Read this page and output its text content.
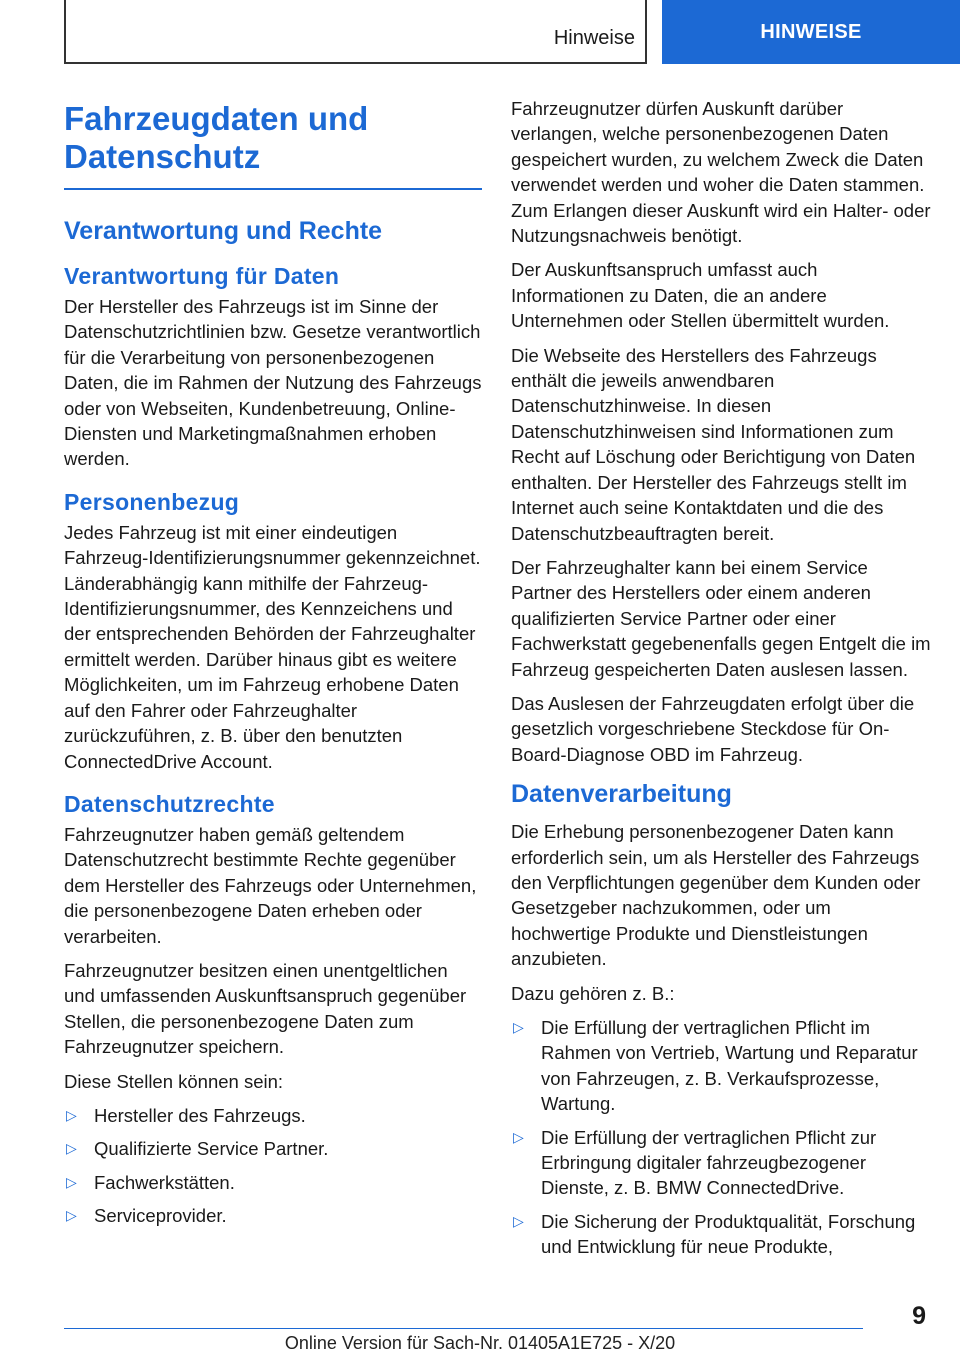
Hinweise	HINWEISE
Fahrzeugdaten und Datenschutz
Verantwortung und Rechte
Verantwortung für Daten

Der Hersteller des Fahrzeugs ist im Sinne der Datenschutzrichtlinien bzw. Gesetze verantwortlich für die Verarbeitung von personenbezogenen Daten, die im Rahmen der Nutzung des Fahrzeugs oder von Webseiten, Kundenbetreuung, Online-Diensten und Marketingmaßnahmen erhoben werden.

Personenbezug

Jedes Fahrzeug ist mit einer eindeutigen Fahrzeug-Identifizierungsnummer gekennzeichnet. Länderabhängig kann mithilfe der Fahrzeug-Identifizierungsnummer, des Kennzeichens und der entsprechenden Behörden der Fahrzeughalter ermittelt werden. Darüber hinaus gibt es weitere Möglichkeiten, um im Fahrzeug erhobene Daten auf den Fahrer oder Fahrzeughalter zurückzuführen, z. B. über den benutzten ConnectedDrive Account.

Datenschutzrechte

Fahrzeugnutzer haben gemäß geltendem Datenschutzrecht bestimmte Rechte gegenüber dem Hersteller des Fahrzeugs oder Unternehmen, die personenbezogene Daten erheben oder verarbeiten.

Fahrzeugnutzer besitzen einen unentgeltlichen und umfassenden Auskunftsanspruch gegenüber Stellen, die personenbezogene Daten zum Fahrzeugnutzer speichern.

Diese Stellen können sein:

▷ Hersteller des Fahrzeugs.
▷ Qualifizierte Service Partner.
▷ Fachwerkstätten.
▷ Serviceprovider.

Fahrzeugnutzer dürfen Auskunft darüber verlangen, welche personenbezogenen Daten gespeichert wurden, zu welchem Zweck die Daten verwendet werden und woher die Daten stammen. Zum Erlangen dieser Auskunft wird ein Halter- oder Nutzungsnachweis benötigt.

Der Auskunftsanspruch umfasst auch Informationen zu Daten, die an andere Unternehmen oder Stellen übermittelt wurden.

Die Webseite des Herstellers des Fahrzeugs enthält die jeweils anwendbaren Datenschutzhinweise. In diesen Datenschutzhinweisen sind Informationen zum Recht auf Löschung oder Berichtigung von Daten enthalten. Der Hersteller des Fahrzeugs stellt im Internet auch seine Kontaktdaten und die des Datenschutzbeauftragten bereit.

Der Fahrzeughalter kann bei einem Service Partner des Herstellers oder einem anderen qualifizierten Service Partner oder einer Fachwerkstatt gegebenenfalls gegen Entgelt die im Fahrzeug gespeicherten Daten auslesen lassen.

Das Auslesen der Fahrzeugdaten erfolgt über die gesetzlich vorgeschriebene Steckdose für On-Board-Diagnose OBD im Fahrzeug.

Datenverarbeitung

Die Erhebung personenbezogener Daten kann erforderlich sein, um als Hersteller des Fahrzeugs den Verpflichtungen gegenüber dem Kunden oder Gesetzgeber nachzukommen, oder um hochwertige Produkte und Dienstleistungen anzubieten.

Dazu gehören z. B.:

▷ Die Erfüllung der vertraglichen Pflicht im Rahmen von Vertrieb, Wartung und Reparatur von Fahrzeugen, z. B. Verkaufsprozesse, Wartung.
▷ Die Erfüllung der vertraglichen Pflicht zur Erbringung digitaler fahrzeugbezogener Dienste, z. B. BMW ConnectedDrive.
▷ Die Sicherung der Produktqualität, Forschung und Entwicklung für neue Produkte,
9
Online Version für Sach-Nr. 01405A1E725 - X/20
